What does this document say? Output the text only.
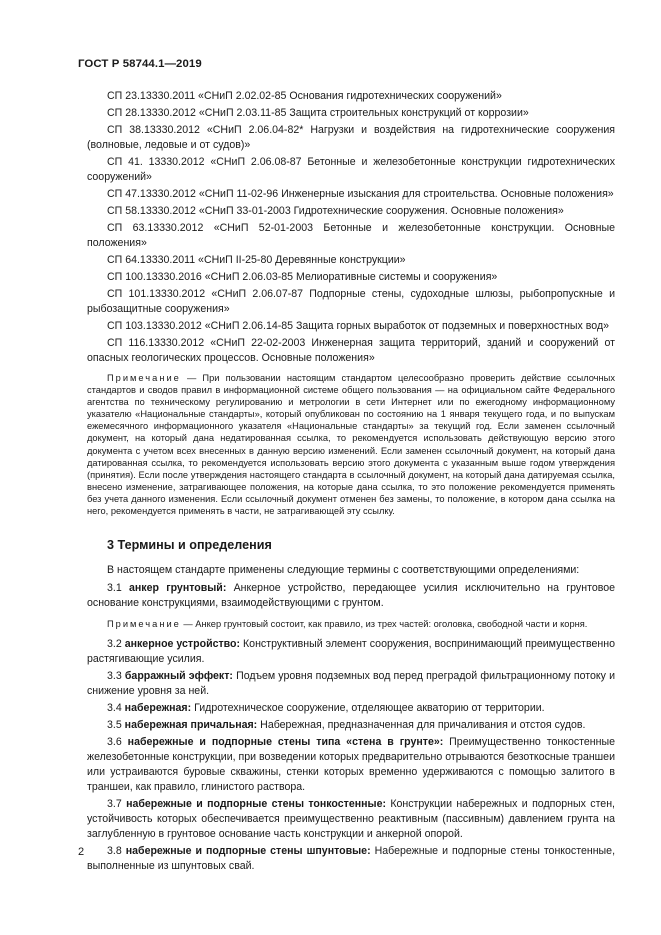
ГОСТ Р 58744.1—2019

СП 23.13330.2011 «СНиП 2.02.02-85 Основания гидротехнических сооружений»

СП 28.13330.2012 «СНиП 2.03.11-85 Защита строительных конструкций от коррозии»

СП 38.13330.2012 «СНиП 2.06.04-82* Нагрузки и воздействия на гидротехнические сооружения (волновые, ледовые и от судов)»

СП 41. 13330.2012 «СНиП 2.06.08-87 Бетонные и железобетонные конструкции гидротехнических сооружений»

СП 47.13330.2012 «СНиП 11-02-96 Инженерные изыскания для строительства. Основные положения»

СП 58.13330.2012 «СНиП 33-01-2003 Гидротехнические сооружения. Основные положения»

СП 63.13330.2012 «СНиП 52-01-2003 Бетонные и железобетонные конструкции. Основные положения»

СП 64.13330.2011 «СНиП II-25-80 Деревянные конструкции»

СП 100.13330.2016 «СНиП 2.06.03-85 Мелиоративные системы и сооружения»

СП 101.13330.2012 «СНиП 2.06.07-87 Подпорные стены, судоходные шлюзы, рыбопропускные и рыбозащитные сооружения»

СП 103.13330.2012 «СНиП 2.06.14-85 Защита горных выработок от подземных и поверхностных вод»

СП 116.13330.2012 «СНиП 22-02-2003 Инженерная защита территорий, зданий и сооружений от опасных геологических процессов. Основные положения»

Примечание — При пользовании настоящим стандартом целесообразно проверить действие ссылочных стандартов и сводов правил в информационной системе общего пользования — на официальном сайте Федерального агентства по техническому регулированию и метрологии в сети Интернет или по ежегодному информационному указателю «Национальные стандарты», который опубликован по состоянию на 1 января текущего года, и по выпускам ежемесячного информационного указателя «Национальные стандарты» за текущий год. Если заменен ссылочный документ, на который дана недатированная ссылка, то рекомендуется использовать действующую версию этого документа с учетом всех внесенных в данную версию изменений. Если заменен ссылочный документ, на который дана датированная ссылка, то рекомендуется использовать версию этого документа с указанным выше годом утверждения (принятия). Если после утверждения настоящего стандарта в ссылочный документ, на который дана датируемая ссылка, внесено изменение, затрагивающее положения, на которые дана ссылка, то это положение рекомендуется применять без учета данного изменения. Если ссылочный документ отменен без замены, то положение, в котором дана ссылка на него, рекомендуется применять в части, не затрагивающей эту ссылку.

3 Термины и определения

В настоящем стандарте применены следующие термины с соответствующими определениями:

3.1 анкер грунтовый: Анкерное устройство, передающее усилия исключительно на грунтовое основание конструкциями, взаимодействующими с грунтом.

Примечание — Анкер грунтовый состоит, как правило, из трех частей: оголовка, свободной части и корня.

3.2 анкерное устройство: Конструктивный элемент сооружения, воспринимающий преимущественно растягивающие усилия.

3.3 барражный эффект: Подъем уровня подземных вод перед преградой фильтрационному потоку и снижение уровня за ней.

3.4 набережная: Гидротехническое сооружение, отделяющее акваторию от территории.

3.5 набережная причальная: Набережная, предназначенная для причаливания и отстоя судов.

3.6 набережные и подпорные стены типа «стена в грунте»: Преимущественно тонкостенные железобетонные конструкции, при возведении которых предварительно отрываются безоткосные траншеи или устраиваются буровые скважины, стенки которых временно удерживаются с помощью залитого в траншеи, как правило, глинистого раствора.

3.7 набережные и подпорные стены тонкостенные: Конструкции набережных и подпорных стен, устойчивость которых обеспечивается преимущественно реактивным (пассивным) давлением грунта на заглубленную в грунтовое основание часть конструкции и анкерной опорой.

3.8 набережные и подпорные стены шпунтовые: Набережные и подпорные стены тонкостенные, выполненные из шпунтовых свай.

2
